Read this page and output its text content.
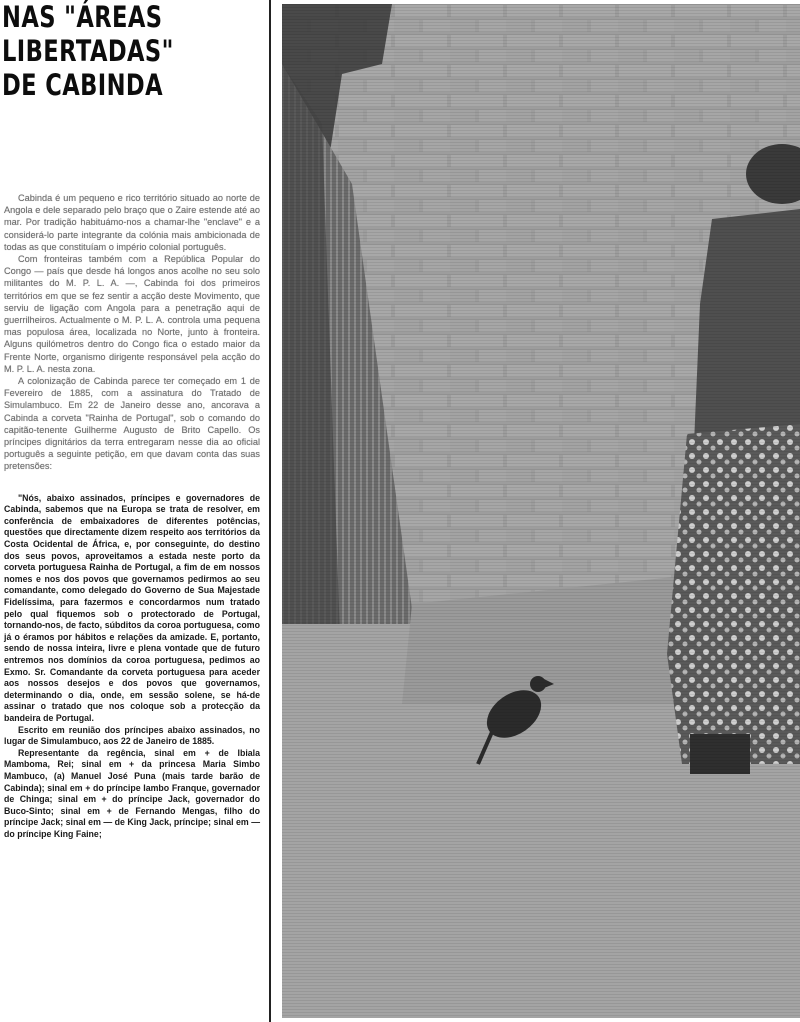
NAS "ÁREAS
LIBERTADAS"
DE CABINDA

Cabinda é um pequeno e rico território situado ao norte de Angola e dele separado pelo braço que o Zaire estende até ao mar. Por tradição habituámo-nos a chamar-lhe "enclave" e a considerá-lo parte integrante da colónia mais ambicionada de todas as que constituíam o império colonial português.

Com fronteiras também com a República Popular do Congo — país que desde há longos anos acolhe no seu solo militantes do M. P. L. A. —, Cabinda foi dos primeiros territórios em que se fez sentir a acção deste Movimento, que serviu de ligação com Angola para a penetração aqui de guerrilheiros. Actualmente o M. P. L. A. controla uma pequena mas populosa área, localizada no Norte, junto à fronteira. Alguns quilómetros dentro do Congo fica o estado maior da Frente Norte, organismo dirigente responsável pela acção do M. P. L. A. nesta zona.

A colonização de Cabinda parece ter começado em 1 de Fevereiro de 1885, com a assinatura do Tratado de Simulambuco. Em 22 de Janeiro desse ano, ancorava a Cabinda a corveta "Rainha de Portugal", sob o comando do capitão-tenente Guilherme Augusto de Brito Capello. Os príncipes dignitários da terra entregaram nesse dia ao oficial português a seguinte petição, em que davam conta das suas pretensões:

"Nós, abaixo assinados, príncipes e governadores de Cabinda, sabemos que na Europa se trata de resolver, em conferência de embaixadores de diferentes potências, questões que directamente dizem respeito aos territórios da Costa Ocidental de África, e, por conseguinte, do destino dos seus povos, aproveitamos a estada neste porto da corveta portuguesa Rainha de Portugal, a fim de em nossos nomes e nos dos povos que governamos pedirmos ao seu comandante, como delegado do Governo de Sua Majestade Fidelíssima, para fazermos e concordarmos num tratado pelo qual fiquemos sob o protectorado de Portugal, tornando-nos, de facto, súbditos da coroa portuguesa, como já o éramos por hábitos e relações da amizade. E, portanto, sendo de nossa inteira, livre e plena vontade que de futuro entremos nos domínios da coroa portuguesa, pedimos ao Exmo. Sr. Comandante da corveta portuguesa para aceder aos nossos desejos e dos povos que governamos, determinando o dia, onde, em sessão solene, se há-de assinar o tratado que nos coloque sob a protecção da bandeira de Portugal.

Escrito em reunião dos príncipes abaixo assinados, no lugar de Simulambuco, aos 22 de Janeiro de 1885.

Representante da regência, sinal em + de Ibiala Mamboma, Rei; sinal em + da princesa Maria Simbo Mambuco, (a) Manuel José Puna (mais tarde barão de Cabinda); sinal em + do príncipe Iambo Franque, governador de Chinga; sinal em + do príncipe Jack, governador do Buco-Sinto; sinal em + de Fernando Mengas, filho do príncipe Jack; sinal em — de King Jack, príncipe; sinal em — do príncipe King Faine;
